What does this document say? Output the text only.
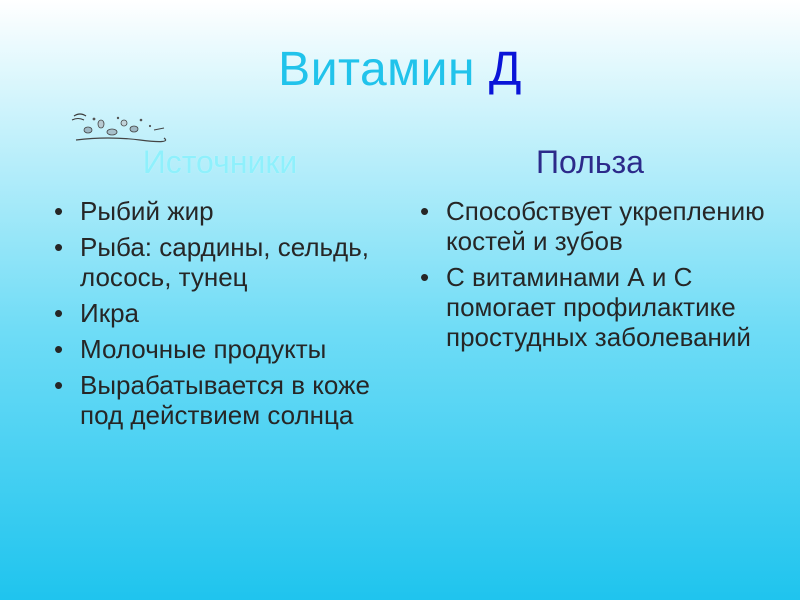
Витамин Д
Источники	Польза
• Рыбий жир
• Рыба: сардины, сельдь, лосось, тунец
• Икра
• Молочные продукты
• Вырабатывается в коже под действием солнца
• Способствует укреплению костей и зубов
• С витаминами А и С помогает профилактике простудных заболеваний
